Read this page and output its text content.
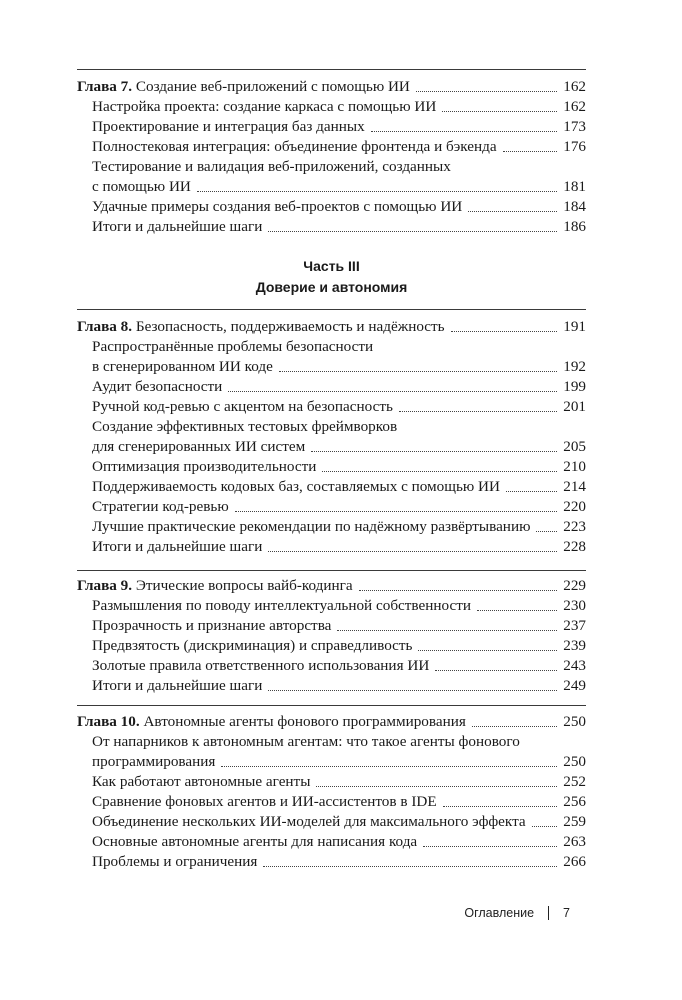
Глава 7. Создание веб-приложений с помощью ИИ	162
Настройка проекта: создание каркаса с помощью ИИ	162
Проектирование и интеграция баз данных	173
Полностековая интеграция: объединение фронтенда и бэкенда	176
Тестирование и валидация веб-приложений, созданных
с помощью ИИ	181
Удачные примеры создания веб-проектов с помощью ИИ	184
Итоги и дальнейшие шаги	186
Часть III
Доверие и автономия
Глава 8. Безопасность, поддерживаемость и надёжность	191
Распространённые проблемы безопасности
в сгенерированном ИИ коде	192
Аудит безопасности	199
Ручной код-ревью с акцентом на безопасность	201
Создание эффективных тестовых фреймворков
для сгенерированных ИИ систем	205
Оптимизация производительности	210
Поддерживаемость кодовых баз, составляемых с помощью ИИ	214
Стратегии код-ревью	220
Лучшие практические рекомендации по надёжному развёртыванию 223
Итоги и дальнейшие шаги	228
Глава 9. Этические вопросы вайб-кодинга	229
Размышления по поводу интеллектуальной собственности	230
Прозрачность и признание авторства	237
Предвзятость (дискриминация) и справедливость	239
Золотые правила ответственного использования ИИ	243
Итоги и дальнейшие шаги	249
Глава 10. Автономные агенты фонового программирования	250
От напарников к автономным агентам: что такое агенты фонового
программирования	250
Как работают автономные агенты	252
Сравнение фоновых агентов и ИИ-ассистентов в IDE	256
Объединение нескольких ИИ-моделей для максимального эффекта 259
Основные автономные агенты для написания кода	263
Проблемы и ограничения	266
Оглавление 7
